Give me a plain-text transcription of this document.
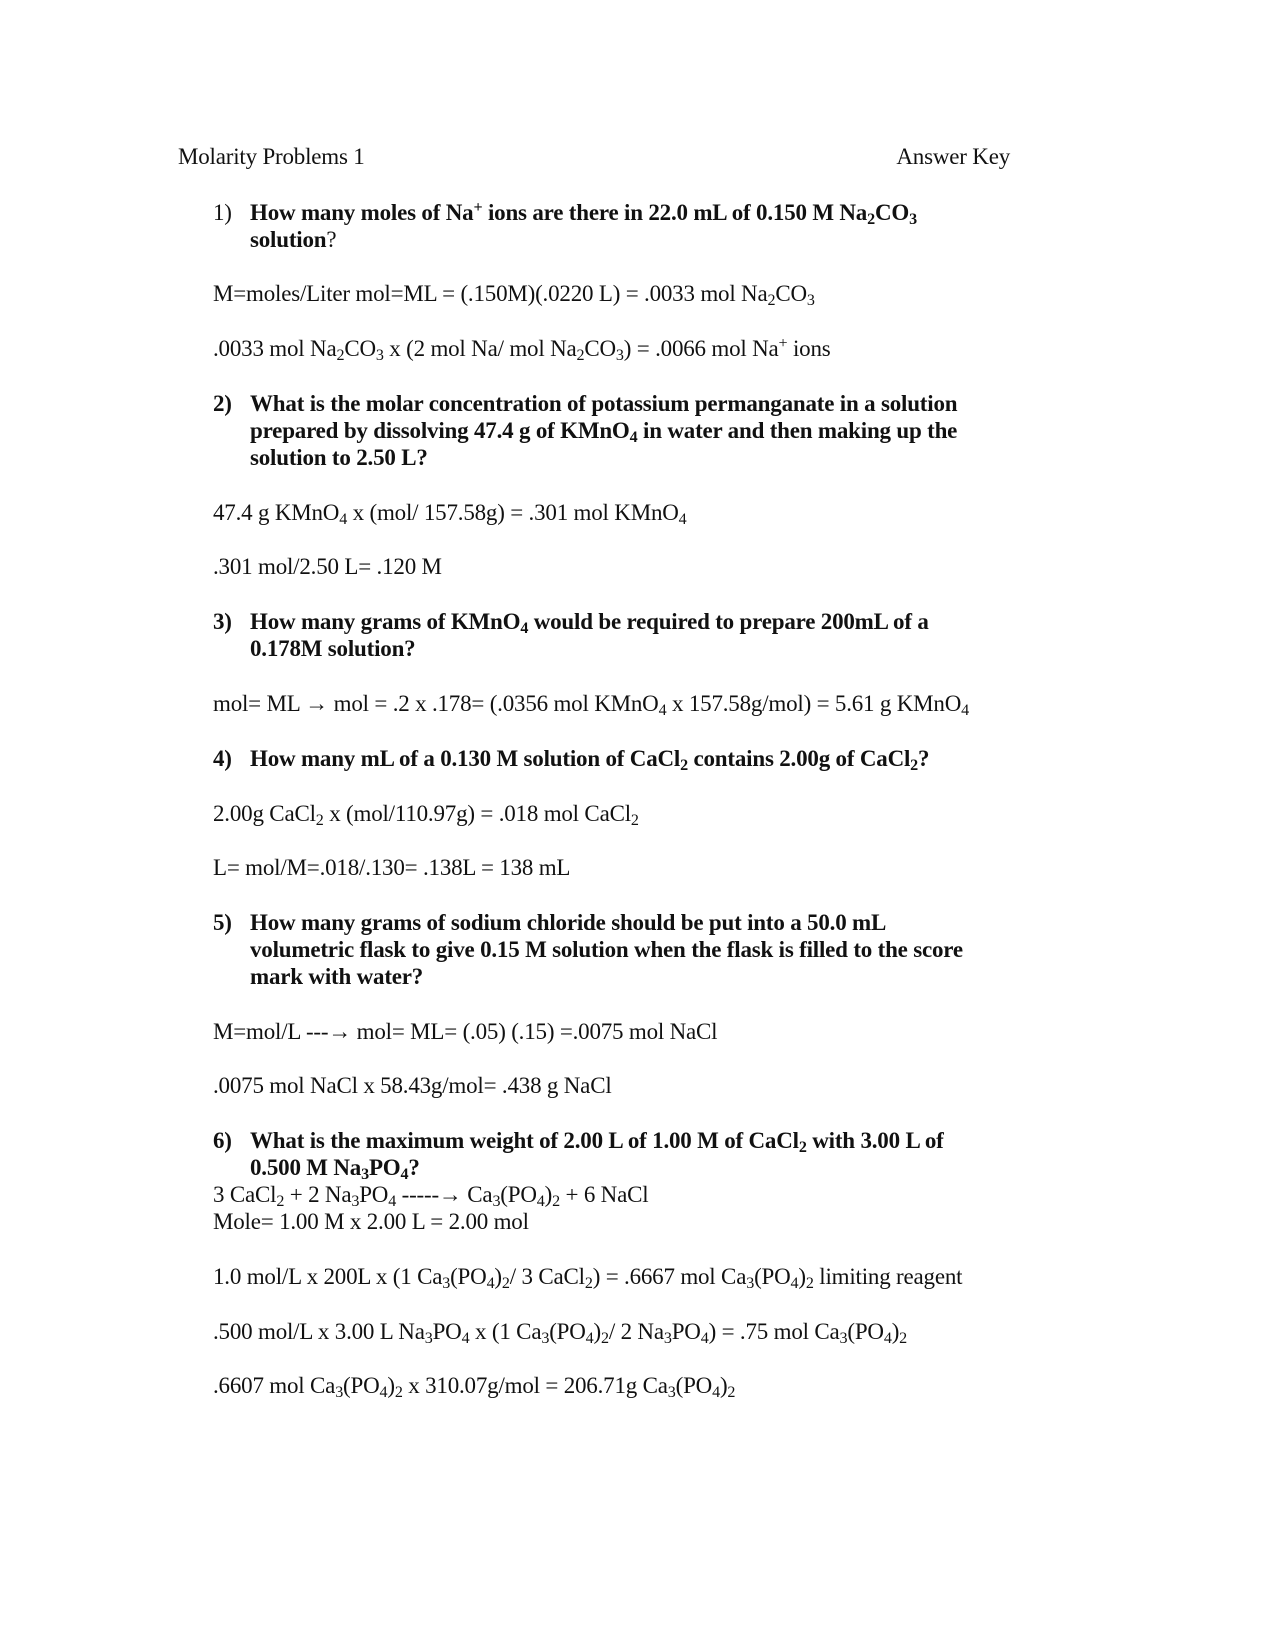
Molarity Problems 1	Answer Key
1) How many moles of Na+ ions are there in 22.0 mL of 0.150 M $Na_2CO_3$
solution?
M=moles/Liter mol=ML = (.150M)(.0220 L) = .0033 mol $Na_2CO_3$
.0033 mol $Na_2CO_3$ x (2 mol Na/ mol $Na_2CO_3) = .0066$ mol Na+ ions
2) What is the molar concentration of potassium permanganate in a solution
prepared by dissolving 47.4 g of KMnO$_4$ in water and then making up the
solution to 2.50 L?
47.4 g KMnO$_4$ x (mol/ 157.58g) = .301 mol KMnO$_4$
.301 mol/2.50 L= .120 M
3) How many grams of KMnO$_4$ would be required to prepare 200mL of a
0.178M solution?
mol= ML → mol = .2 x .178= (.0356 mol KMnO$_4$ x 157.58g/mol) = 5.61 g KMnO$_4$
4) How many mL of a 0.130 M solution of CaCl$_2$ contains 2.00g of CaCl$_2$?
2.00g CaCl$_2$ x (mol/110.97g) = .018 mol CaCl$_2$
L= mol/M=.018/.130= .138L = 138 mL
5) How many grams of sodium chloride should be put into a 50.0 mL
volumetric flask to give 0.15 M solution when the flask is filled to the score
mark with water?
M=mol/L ---→ mol= ML= (.05) (.15) =.0075 mol NaCl
.0075 mol NaCl x 58.43g/mol= .438 g NaCl
6) What is the maximum weight of 2.00 L of 1.00 M of CaCl$_2$ with 3.00 L of
0.500 M $Na_3PO_4$?
3 CaCl$_2$ + 2 $Na_3PO_4$ -----→ $Ca_3(PO_4)_2 + 6$ NaCl
Mole= 1.00 M x 2.00 L = 2.00 mol
1.0 mol/L x 200L x (1 $Ca_3(PO_4)_2/$ 3 CaCl$_2$) = .6667 mol $Ca_3(PO_4)_2$ limiting reagent
.500 mol/L x 3.00 L $Na_3PO_4$ x (1 $Ca_3(PO_4)_2/$ 2 $Na_3PO_4) = .75$ mol $Ca_3(PO_4)_2$
.6607 mol $Ca_3(PO_4)_2$ x 310.07g/mol = 206.71g $Ca_3(PO_4)_2$
